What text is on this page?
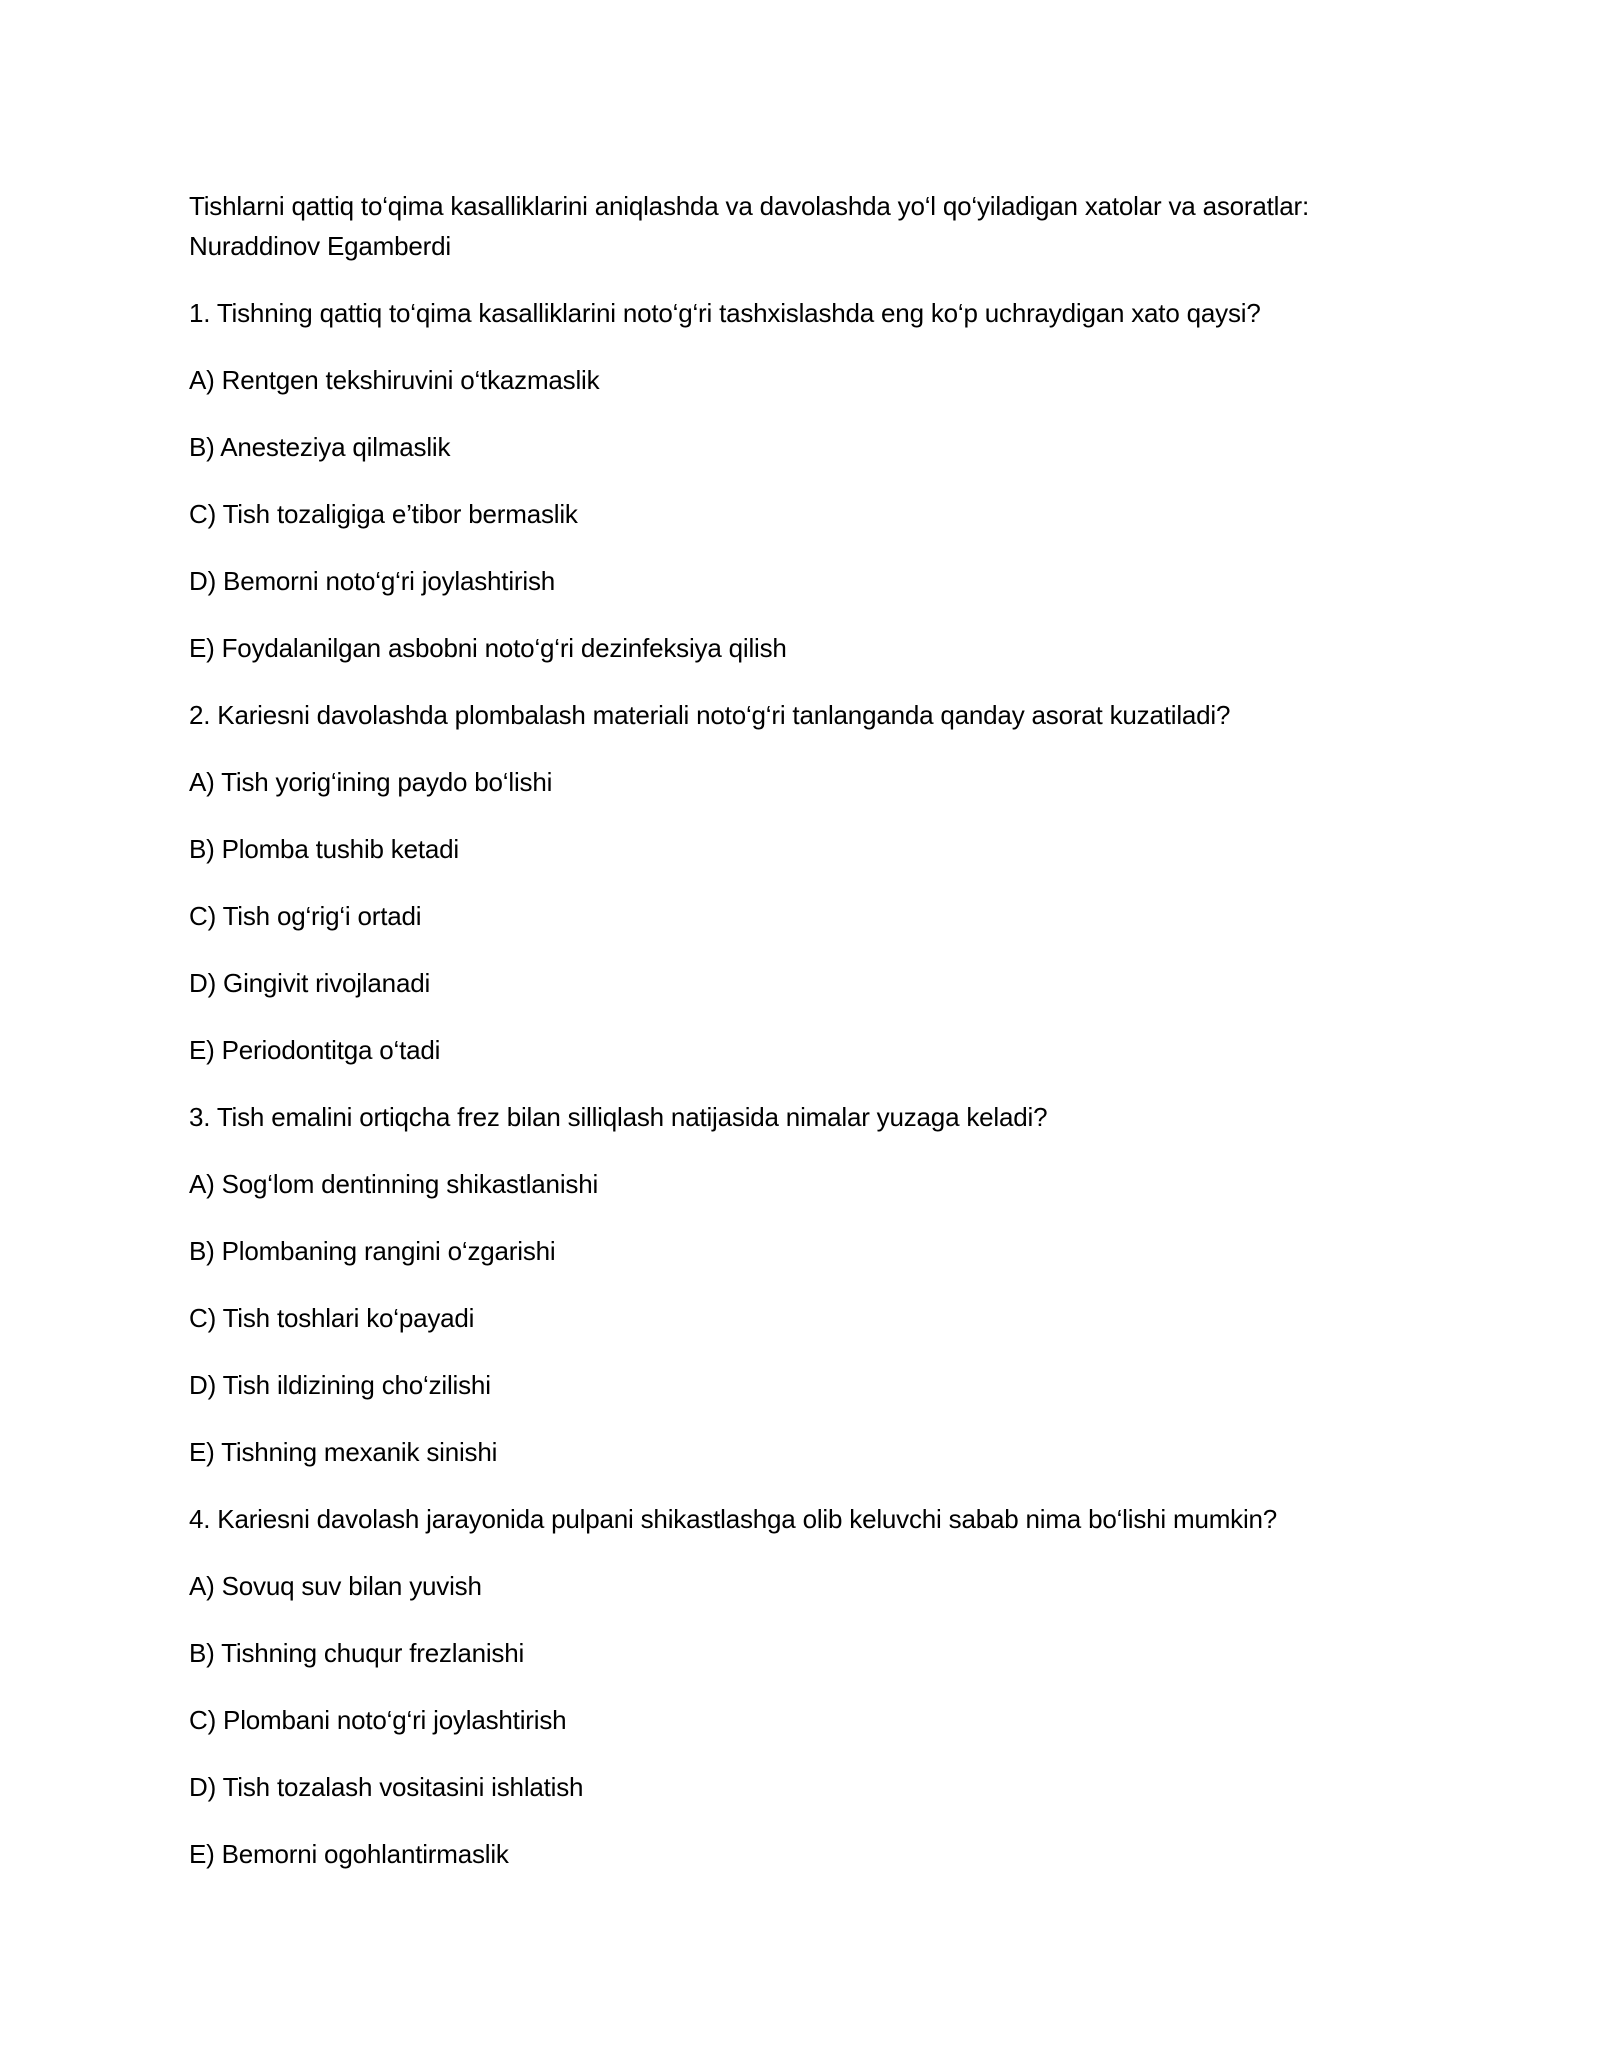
Tishlarni qattiq to‘qima kasalliklarini aniqlashda va davolashda yo‘l qo‘yiladigan xatolar va asoratlar:
Nuraddinov Egamberdi
1. Tishning qattiq to‘qima kasalliklarini noto‘g‘ri tashxislashda eng ko‘p uchraydigan xato qaysi?
A) Rentgen tekshiruvini o‘tkazmaslik
B) Anesteziya qilmaslik
C) Tish tozaligiga e’tibor bermaslik
D) Bemorni noto‘g‘ri joylashtirish
E) Foydalanilgan asbobni noto‘g‘ri dezinfeksiya qilish
2. Kariesni davolashda plombalash materiali noto‘g‘ri tanlanganda qanday asorat kuzatiladi?
A) Tish yorig‘ining paydo bo‘lishi
B) Plomba tushib ketadi
C) Tish og‘rig‘i ortadi
D) Gingivit rivojlanadi
E) Periodontitga o‘tadi
3. Tish emalini ortiqcha frez bilan silliqlash natijasida nimalar yuzaga keladi?
A) Sog‘lom dentinning shikastlanishi
B) Plombaning rangini o‘zgarishi
C) Tish toshlari ko‘payadi
D) Tish ildizining cho‘zilishi
E) Tishning mexanik sinishi
4. Kariesni davolash jarayonida pulpani shikastlashga olib keluvchi sabab nima bo‘lishi mumkin?
A) Sovuq suv bilan yuvish
B) Tishning chuqur frezlanishi
C) Plombani noto‘g‘ri joylashtirish
D) Tish tozalash vositasini ishlatish
E) Bemorni ogohlantirmaslik
